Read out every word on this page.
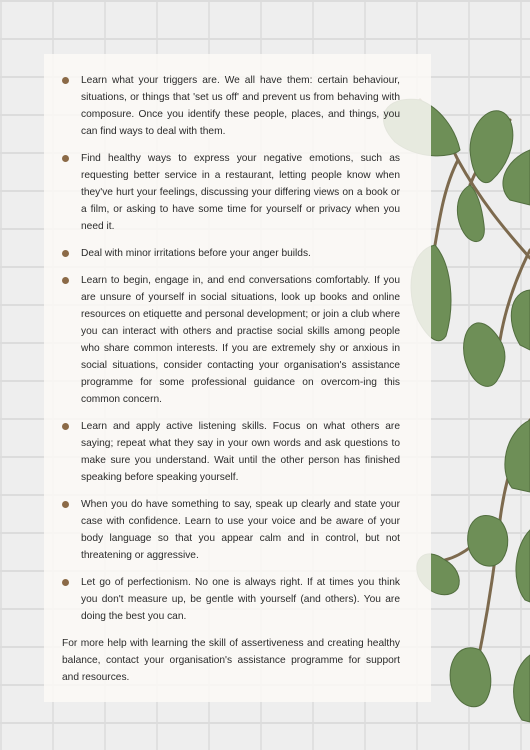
Learn what your triggers are. We all have them: certain behaviour, situations, or things that 'set us off' and prevent us from behaving with composure. Once you identify these people, places, and things, you can find ways to deal with them.
Find healthy ways to express your negative emotions, such as requesting better service in a restaurant, letting people know when they've hurt your feelings, discussing your differing views on a book or a film, or asking to have some time for yourself or privacy when you need it.
Deal with minor irritations before your anger builds.
Learn to begin, engage in, and end conversations comfortably. If you are unsure of yourself in social situations, look up books and online resources on etiquette and personal development; or join a club where you can interact with others and practise social skills among people who share common interests. If you are extremely shy or anxious in social situations, consider contacting your organisation's assistance programme for some professional guidance on overcom-ing this common concern.
Learn and apply active listening skills. Focus on what others are saying; repeat what they say in your own words and ask questions to make sure you understand. Wait until the other person has finished speaking before speaking yourself.
When you do have something to say, speak up clearly and state your case with confidence. Learn to use your voice and be aware of your body language so that you appear calm and in control, but not threatening or aggressive.
Let go of perfectionism. No one is always right. If at times you think you don't measure up, be gentle with yourself (and others). You are doing the best you can.

For more help with learning the skill of assertiveness and creating healthy balance, contact your organisation's assistance programme for support and resources.
